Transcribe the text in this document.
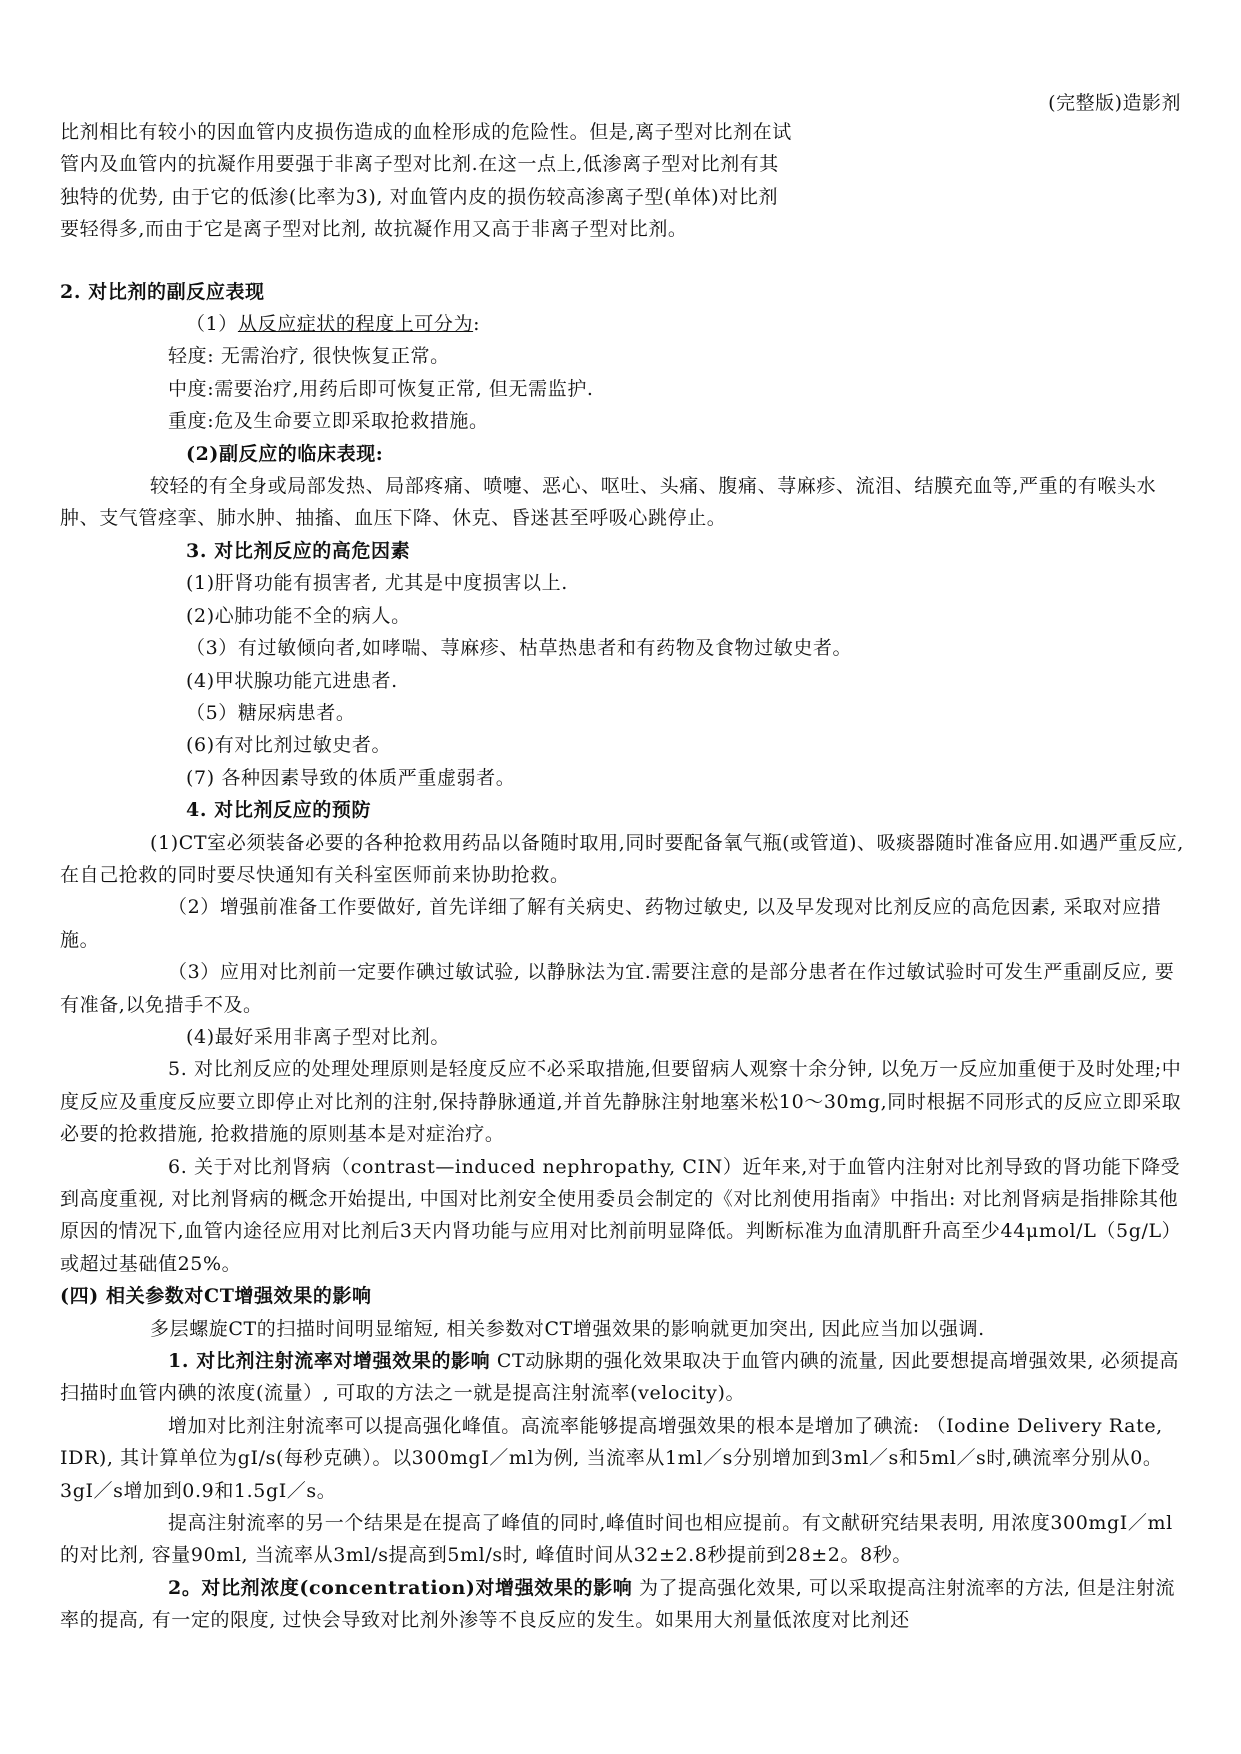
(完整版)造影剂

比剂相比有较小的因血管内皮损伤造成的血栓形成的危险性。但是,离子型对比剂在试

管内及血管内的抗凝作用要强于非离子型对比剂.在这一点上,低渗离子型对比剂有其

独特的优势, 由于它的低渗(比率为3), 对血管内皮的损伤较高渗离子型(单体)对比剂

要轻得多,而由于它是离子型对比剂, 故抗凝作用又高于非离子型对比剂。

2. 对比剂的副反应表现

（1）从反应症状的程度上可分为:

轻度: 无需治疗, 很快恢复正常。

中度:需要治疗,用药后即可恢复正常, 但无需监护.

重度:危及生命要立即采取抢救措施。

(2)副反应的临床表现:

较轻的有全身或局部发热、局部疼痛、喷嚏、恶心、呕吐、头痛、腹痛、荨麻疹、流泪、结膜充血等,严重的有喉头水肿、支气管痉挛、肺水肿、抽搐、血压下降、休克、昏迷甚至呼吸心跳停止。

3. 对比剂反应的高危因素

(1)肝肾功能有损害者, 尤其是中度损害以上.

(2)心肺功能不全的病人。

（3）有过敏倾向者,如哮喘、荨麻疹、枯草热患者和有药物及食物过敏史者。

(4)甲状腺功能亢进患者.

（5）糖尿病患者。

(6)有对比剂过敏史者。

(7) 各种因素导致的体质严重虚弱者。

4. 对比剂反应的预防

(1)CT室必须装备必要的各种抢救用药品以备随时取用,同时要配备氧气瓶(或管道)、吸痰器随时准备应用.如遇严重反应,在自己抢救的同时要尽快通知有关科室医师前来协助抢救。

（2）增强前准备工作要做好, 首先详细了解有关病史、药物过敏史, 以及早发现对比剂反应的高危因素, 采取对应措施。

（3）应用对比剂前一定要作碘过敏试验, 以静脉法为宜.需要注意的是部分患者在作过敏试验时可发生严重副反应, 要有准备,以免措手不及。

(4)最好采用非离子型对比剂。

5. 对比剂反应的处理处理原则是轻度反应不必采取措施,但要留病人观察十余分钟, 以免万一反应加重便于及时处理;中度反应及重度反应要立即停止对比剂的注射,保持静脉通道,并首先静脉注射地塞米松10～30mg,同时根据不同形式的反应立即采取必要的抢救措施, 抢救措施的原则基本是对症治疗。

6. 关于对比剂肾病（contrast—induced nephropathy, CIN）近年来,对于血管内注射对比剂导致的肾功能下降受到高度重视, 对比剂肾病的概念开始提出, 中国对比剂安全使用委员会制定的《对比剂使用指南》中指出: 对比剂肾病是指排除其他原因的情况下,血管内途径应用对比剂后3天内肾功能与应用对比剂前明显降低。判断标准为血清肌酐升高至少44μmol/L（5g/L）或超过基础值25%。

(四) 相关参数对CT增强效果的影响

多层螺旋CT的扫描时间明显缩短, 相关参数对CT增强效果的影响就更加突出, 因此应当加以强调.

1. 对比剂注射流率对增强效果的影响 CT动脉期的强化效果取决于血管内碘的流量, 因此要想提高增强效果, 必须提高扫描时血管内碘的浓度(流量）, 可取的方法之一就是提高注射流率(velocity)。

增加对比剂注射流率可以提高强化峰值。高流率能够提高增强效果的根本是增加了碘流: （Iodine Delivery Rate, IDR), 其计算单位为gI/s(每秒克碘）。以300mgI／ml为例, 当流率从1ml／s分别增加到3ml／s和5ml／s时,碘流率分别从0。3gI／s增加到0.9和1.5gI／s。

提高注射流率的另一个结果是在提高了峰值的同时,峰值时间也相应提前。有文献研究结果表明, 用浓度300mgI／ml的对比剂, 容量90ml, 当流率从3ml/s提高到5ml/s时, 峰值时间从32±2.8秒提前到28±2。8秒。

2。对比剂浓度(concentration)对增强效果的影响 为了提高强化效果, 可以采取提高注射流率的方法, 但是注射流率的提高, 有一定的限度, 过快会导致对比剂外渗等不良反应的发生。如果用大剂量低浓度对比剂还
